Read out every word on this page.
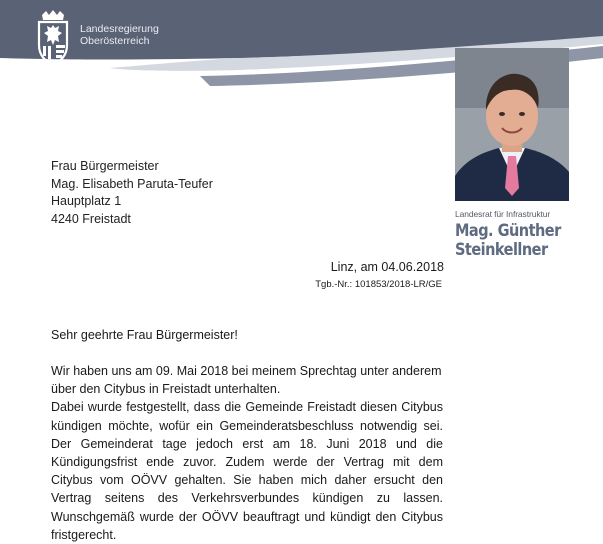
Landesregierung
Oberösterreich
Landesrat für Infrastruktur
Mag. Günther
Steinkellner
Frau Bürgermeister
Mag. Elisabeth Paruta-Teufer
Hauptplatz 1
4240 Freistadt
Linz, am 04.06.2018
Tgb.-Nr.: 101853/2018-LR/GE
Sehr geehrte Frau Bürgermeister!

Wir haben uns am 09. Mai 2018 bei meinem Sprechtag unter anderem über den Citybus in Freistadt unterhalten.

Dabei wurde festgestellt, dass die Gemeinde Freistadt diesen Citybus kündigen möchte, wofür ein Gemeinderatsbeschluss notwendig sei. Der Gemeinderat tage jedoch erst am 18. Juni 2018 und die Kündigungsfrist ende zuvor. Zudem werde der Vertrag mit dem Citybus vom OÖVV gehalten. Sie haben mich daher ersucht den Vertrag seitens des Verkehrsverbundes kündigen zu lassen. Wunschgemäß wurde der OÖVV beauftragt und kündigt den Citybus fristgerecht.
